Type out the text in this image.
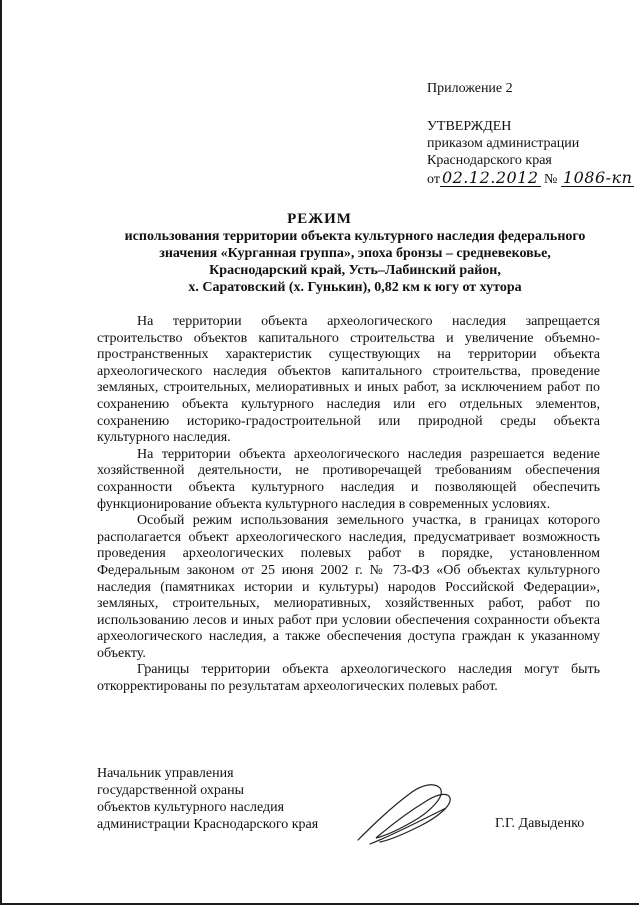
Приложение 2
УТВЕРЖДЕН
приказом администрации
Краснодарского края
от 02.12.2012 № 1086-кп
РЕЖИМ
использования территории объекта культурного наследия федерального
значения «Курганная группа», эпоха бронзы – средневековье,
Краснодарский край, Усть–Лабинский район,
х. Саратовский (х. Гунькин), 0,82 км к югу от хутора

На территории объекта археологического наследия запрещается строительство объектов капитального строительства и увеличение объемно-пространственных характеристик существующих на территории объекта археологического наследия объектов капитального строительства, проведение земляных, строительных, мелиоративных и иных работ, за исключением работ по сохранению объекта культурного наследия или его отдельных элементов, сохранению историко-градостроительной или природной среды объекта культурного наследия.

На территории объекта археологического наследия разрешается ведение хозяйственной деятельности, не противоречащей требованиям обеспечения сохранности объекта культурного наследия и позволяющей обеспечить функционирование объекта культурного наследия в современных условиях.

Особый режим использования земельного участка, в границах которого располагается объект археологического наследия, предусматривает возможность проведения археологических полевых работ в порядке, установленном Федеральным законом от 25 июня 2002 г. № 73-ФЗ «Об объектах культурного наследия (памятниках истории и культуры) народов Российской Федерации», земляных, строительных, мелиоративных, хозяйственных работ, работ по использованию лесов и иных работ при условии обеспечения сохранности объекта археологического наследия, а также обеспечения доступа граждан к указанному объекту.

Границы территории объекта археологического наследия могут быть откорректированы по результатам археологических полевых работ.

Начальник управления
государственной охраны
объектов культурного наследия
администрации Краснодарского края	Г.Г. Давыденко
